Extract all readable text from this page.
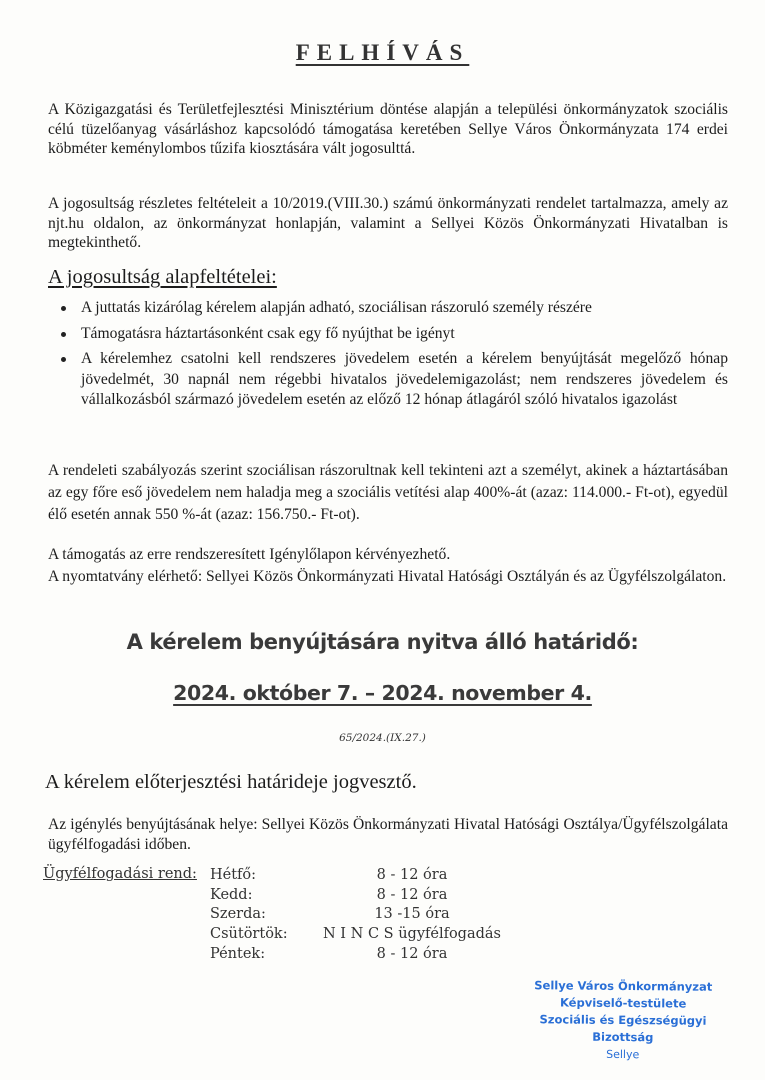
FELHÍVÁS

A Közigazgatási és Területfejlesztési Minisztérium döntése alapján a települési önkormányzatok szociális célú tüzelőanyag vásárláshoz kapcsolódó támogatása keretében Sellye Város Önkormányzata 174 erdei köbméter keménylombos tűzifa kiosztására vált jogosulttá.

A jogosultság részletes feltételeit a 10/2019.(VIII.30.) számú önkormányzati rendelet tartalmazza, amely az njt.hu oldalon, az önkormányzat honlapján, valamint a Sellyei Közös Önkormányzati Hivatalban is megtekinthető.

A jogosultság alapfeltételei:
A juttatás kizárólag kérelem alapján adható, szociálisan rászoruló személy részére
Támogatásra háztartásonként csak egy fő nyújthat be igényt
A kérelemhez csatolni kell rendszeres jövedelem esetén a kérelem benyújtását megelőző hónap jövedelmét, 30 napnál nem régebbi hivatalos jövedelemigazolást; nem rendszeres jövedelem és vállalkozásból származó jövedelem esetén az előző 12 hónap átlagáról szóló hivatalos igazolást

A rendeleti szabályozás szerint szociálisan rászorultnak kell tekinteni azt a személyt, akinek a háztartásában az egy főre eső jövedelem nem haladja meg a szociális vetítési alap 400%-át (azaz: 114.000.- Ft-ot), egyedül élő esetén annak 550 %-át (azaz: 156.750.- Ft-ot).

A támogatás az erre rendszeresített Igénylőlapon kérvényezhető.

A nyomtatvány elérhető: Sellyei Közös Önkormányzati Hivatal Hatósági Osztályán és az Ügyfélszolgálaton.

A kérelem benyújtására nyitva álló határidő:
2024. október 7. – 2024. november 4.
65/2024.(IX.27.)
A kérelem előterjesztési határideje jogvesztő.

Az igénylés benyújtásának helye: Sellyei Közös Önkormányzati Hivatal Hatósági Osztálya/Ügyfélszolgálata ügyfélfogadási időben.

Ügyfélfogadási rend: Hétfő:	8 - 12 óra
Kedd:	8 - 12 óra
Szerda:	13 -15 óra
Csütörtök:	N I N C S ügyfélfogadás
Péntek:	8 - 12 óra
Sellye Város Önkormányzat
Képviselő-testülete
Szociális és Egészségügyi Bizottság
Sellye
